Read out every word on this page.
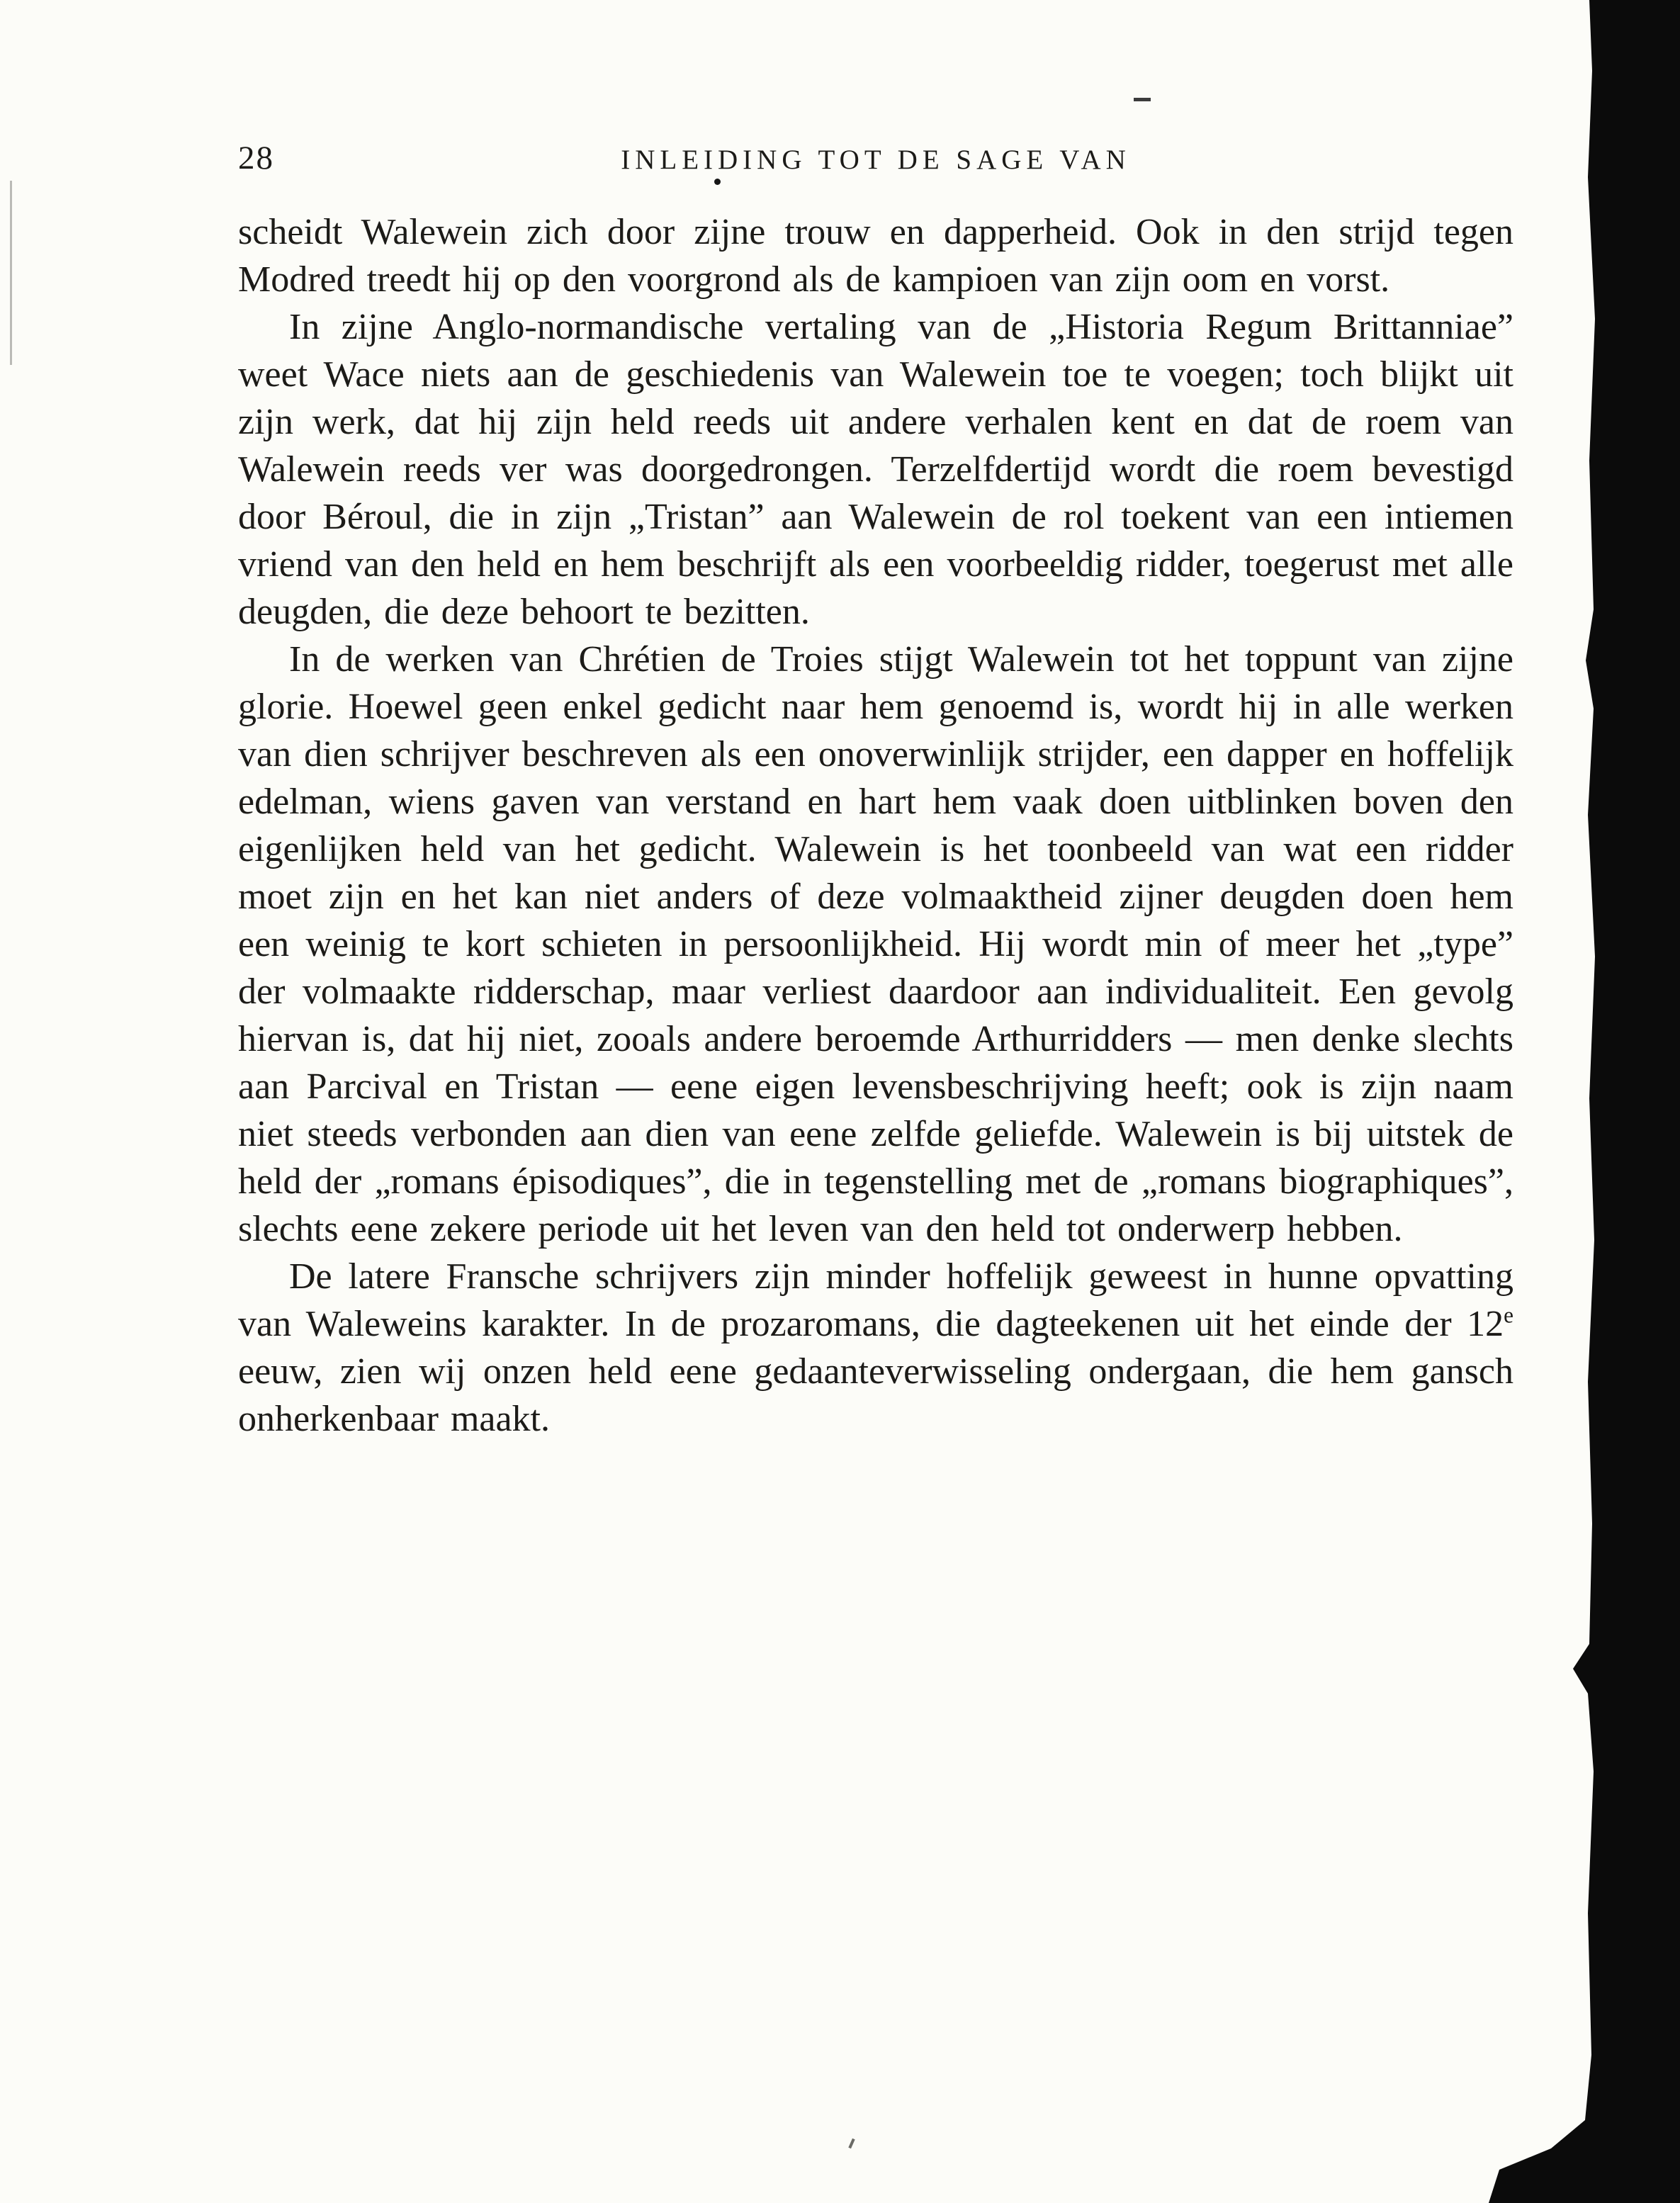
28	INLEIDING TOT DE SAGE VAN

scheidt Walewein zich door zijne trouw en dapperheid. Ook in den strijd tegen Modred treedt hij op den voorgrond als de kampioen van zijn oom en vorst.

In zijne Anglo-normandische vertaling van de „Historia Regum Brittanniae” weet Wace niets aan de geschiedenis van Walewein toe te voegen; toch blijkt uit zijn werk, dat hij zijn held reeds uit andere verhalen kent en dat de roem van Walewein reeds ver was doorgedrongen. Terzelfdertijd wordt die roem bevestigd door Béroul, die in zijn „Tristan” aan Walewein de rol toekent van een intiemen vriend van den held en hem beschrijft als een voorbeeldig ridder, toegerust met alle deugden, die deze behoort te bezitten.

In de werken van Chrétien de Troies stijgt Walewein tot het toppunt van zijne glorie. Hoewel geen enkel gedicht naar hem genoemd is, wordt hij in alle werken van dien schrijver beschreven als een onoverwinlijk strijder, een dapper en hoffelijk edelman, wiens gaven van verstand en hart hem vaak doen uitblinken boven den eigenlijken held van het gedicht. Walewein is het toonbeeld van wat een ridder moet zijn en het kan niet anders of deze volmaaktheid zijner deugden doen hem een weinig te kort schieten in persoonlijkheid. Hij wordt min of meer het „type” der volmaakte ridderschap, maar verliest daardoor aan individualiteit. Een gevolg hiervan is, dat hij niet, zooals andere beroemde Arthurridders — men denke slechts aan Parcival en Tristan — eene eigen levensbeschrijving heeft; ook is zijn naam niet steeds verbonden aan dien van eene zelfde geliefde. Walewein is bij uitstek de held der „romans épisodiques”, die in tegenstelling met de „romans biographiques”, slechts eene zekere periode uit het leven van den held tot onderwerp hebben.

De latere Fransche schrijvers zijn minder hoffelijk geweest in hunne opvatting van Waleweins karakter. In de prozaromans, die dagteekenen uit het einde der 12e eeuw, zien wij onzen held eene gedaanteverwisseling ondergaan, die hem gansch onherkenbaar maakt.
